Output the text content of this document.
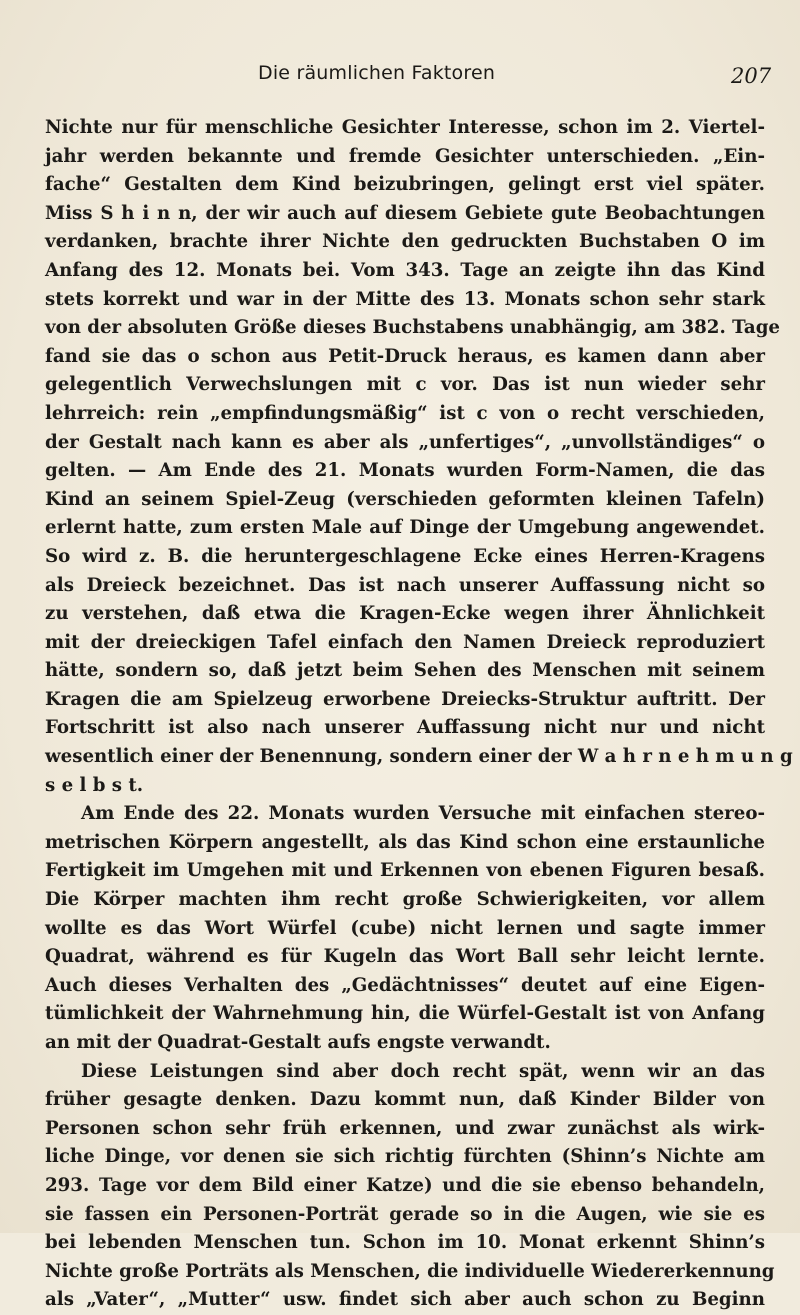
Die räumlichen Faktoren	207
Nichte nur für menschliche Gesichter Interesse, schon im 2. Viertel-
jahr werden bekannte und fremde Gesichter unterschieden. „Ein-
fache“ Gestalten dem Kind beizubringen, gelingt erst viel später.
Miss S h i n n, der wir auch auf diesem Gebiete gute Beobachtungen
verdanken, brachte ihrer Nichte den gedruckten Buchstaben O im
Anfang des 12. Monats bei. Vom 343. Tage an zeigte ihn das Kind
stets korrekt und war in der Mitte des 13. Monats schon sehr stark
von der absoluten Größe dieses Buchstabens unabhängig, am 382. Tage
fand sie das o schon aus Petit-Druck heraus, es kamen dann aber
gelegentlich Verwechslungen mit c vor. Das ist nun wieder sehr
lehrreich: rein „empfindungsmäßig“ ist c von o recht verschieden,
der Gestalt nach kann es aber als „unfertiges“, „unvollständiges“ o
gelten. — Am Ende des 21. Monats wurden Form-Namen, die das
Kind an seinem Spiel-Zeug (verschieden geformten kleinen Tafeln)
erlernt hatte, zum ersten Male auf Dinge der Umgebung angewendet.
So wird z. B. die heruntergeschlagene Ecke eines Herren-Kragens
als Dreieck bezeichnet. Das ist nach unserer Auffassung nicht so
zu verstehen, daß etwa die Kragen-Ecke wegen ihrer Ähnlichkeit
mit der dreieckigen Tafel einfach den Namen Dreieck reproduziert
hätte, sondern so, daß jetzt beim Sehen des Menschen mit seinem
Kragen die am Spielzeug erworbene Dreiecks-Struktur auftritt. Der
Fortschritt ist also nach unserer Auffassung nicht nur und nicht
wesentlich einer der Benennung, sondern einer der W a h r n e h m u n g
s e l b s t.
Am Ende des 22. Monats wurden Versuche mit einfachen stereo-
metrischen Körpern angestellt, als das Kind schon eine erstaunliche
Fertigkeit im Umgehen mit und Erkennen von ebenen Figuren besaß.
Die Körper machten ihm recht große Schwierigkeiten, vor allem
wollte es das Wort Würfel (cube) nicht lernen und sagte immer
Quadrat, während es für Kugeln das Wort Ball sehr leicht lernte.
Auch dieses Verhalten des „Gedächtnisses“ deutet auf eine Eigen-
tümlichkeit der Wahrnehmung hin, die Würfel-Gestalt ist von Anfang
an mit der Quadrat-Gestalt aufs engste verwandt.
Diese Leistungen sind aber doch recht spät, wenn wir an das
früher gesagte denken. Dazu kommt nun, daß Kinder Bilder von
Personen schon sehr früh erkennen, und zwar zunächst als wirk-
liche Dinge, vor denen sie sich richtig fürchten (Shinn’s Nichte am
293. Tage vor dem Bild einer Katze) und die sie ebenso behandeln,
sie fassen ein Personen-Porträt gerade so in die Augen, wie sie es
bei lebenden Menschen tun. Schon im 10. Monat erkennt Shinn’s
Nichte große Porträts als Menschen, die individuelle Wiedererkennung
als „Vater“, „Mutter“ usw. findet sich aber auch schon zu Beginn
